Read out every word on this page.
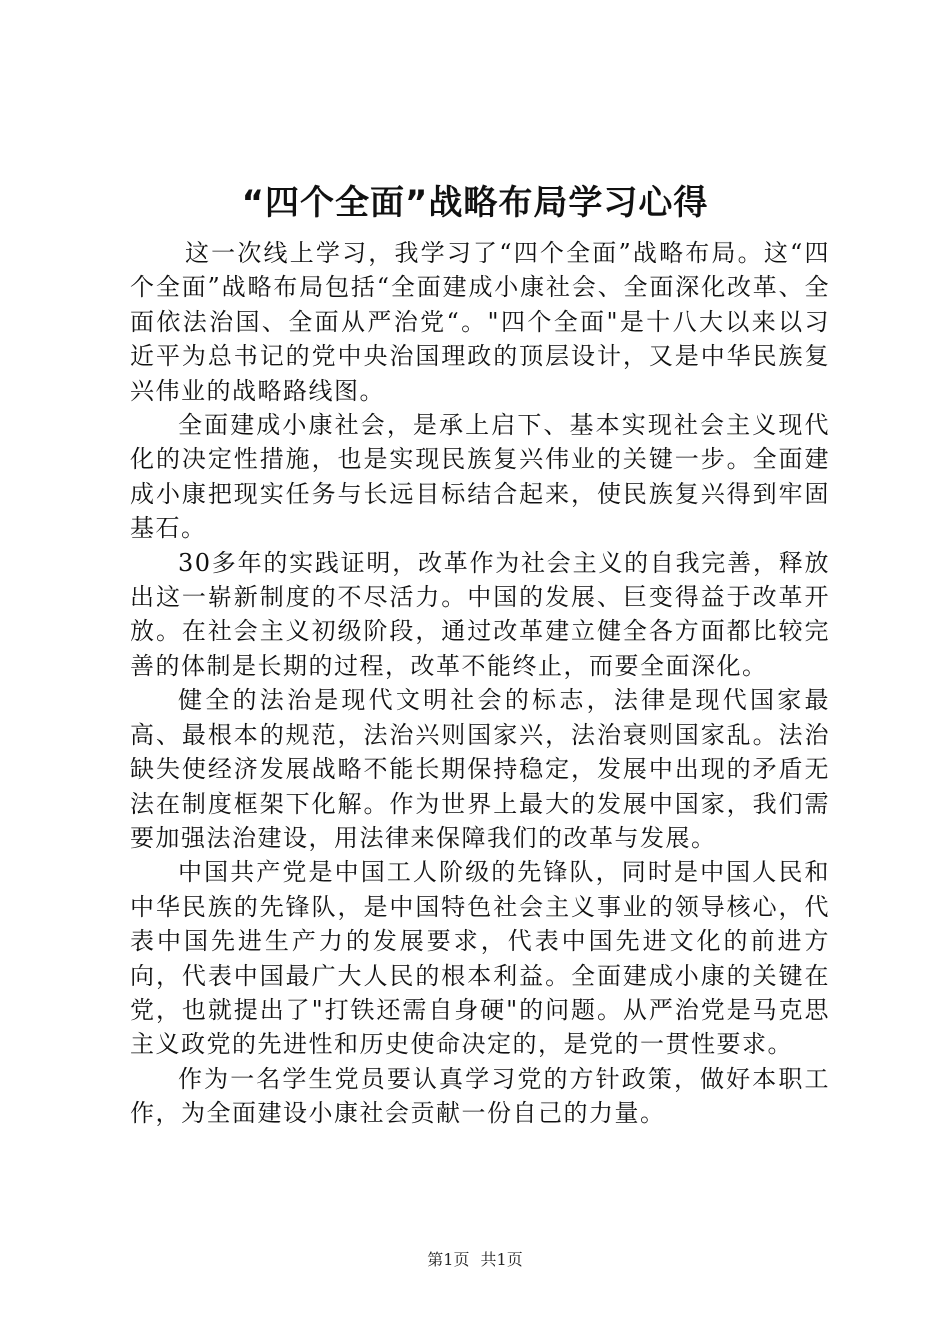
“四个全面”战略布局学习心得

这一次线上学习，我学习了“四个全面”战略布局。这“四个全面”战略布局包括“全面建成小康社会、全面深化改革、全面依法治国、全面从严治党“。"四个全面"是十八大以来以习近平为总书记的党中央治国理政的顶层设计，又是中华民族复兴伟业的战略路线图。

全面建成小康社会，是承上启下、基本实现社会主义现代化的决定性措施，也是实现民族复兴伟业的关键一步。全面建成小康把现实任务与长远目标结合起来，使民族复兴得到牢固基石。

30多年的实践证明，改革作为社会主义的自我完善，释放出这一崭新制度的不尽活力。中国的发展、巨变得益于改革开放。在社会主义初级阶段，通过改革建立健全各方面都比较完善的体制是长期的过程，改革不能终止，而要全面深化。

健全的法治是现代文明社会的标志，法律是现代国家最高、最根本的规范，法治兴则国家兴，法治衰则国家乱。法治缺失使经济发展战略不能长期保持稳定，发展中出现的矛盾无法在制度框架下化解。作为世界上最大的发展中国家，我们需要加强法治建设，用法律来保障我们的改革与发展。

中国共产党是中国工人阶级的先锋队，同时是中国人民和中华民族的先锋队，是中国特色社会主义事业的领导核心，代表中国先进生产力的发展要求，代表中国先进文化的前进方向，代表中国最广大人民的根本利益。全面建成小康的关键在党，也就提出了"打铁还需自身硬"的问题。从严治党是马克思主义政党的先进性和历史使命决定的，是党的一贯性要求。

作为一名学生党员要认真学习党的方针政策，做好本职工作，为全面建设小康社会贡献一份自己的力量。

第1页 共1页
